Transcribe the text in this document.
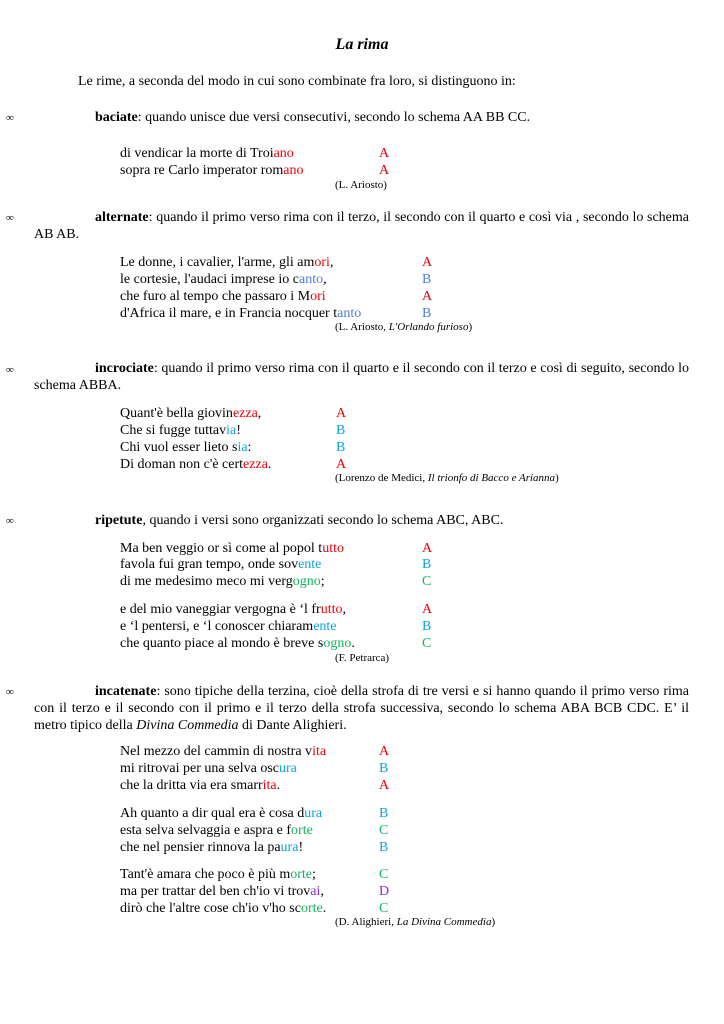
La rima

Le rime, a seconda del modo in cui sono combinate fra loro, si distinguono in:

∞	baciate: quando unisce due versi consecutivi, secondo lo schema AA BB CC.

di vendicar la morte di Troiano	A
sopra re Carlo imperator romano	A
(L. Ariosto)
∞	alternate: quando il primo verso rima con il terzo, il secondo con il quarto e così via , secondo lo schema AB AB.

Le donne, i cavalier, l'arme, gli amori,	A
le cortesie, l'audaci imprese io canto,	B
che furo al tempo che passaro i Mori	A
d'Africa il mare, e in Francia nocquer tanto	B
(L. Ariosto, L'Orlando furioso)
∞	incrociate: quando il primo verso rima con il quarto e il secondo con il terzo e così di seguito, secondo lo schema ABBA.

Quant'è bella giovinezza,	A
Che si fugge tuttavia!	B
Chi vuol esser lieto sia:	B
Di doman non c'è certezza.	A
(Lorenzo de Medici, Il trionfo di Bacco e Arianna)
∞	ripetute, quando i versi sono organizzati secondo lo schema ABC, ABC.

Ma ben veggio or sì come al popol tutto	A
favola fui gran tempo, onde sovente	B
di me medesimo meco mi vergogno;	C
e del mio vaneggiar vergogna è ‘l frutto,	A
e ‘l pentersi, e ‘l conoscer chiaramente	B
che quanto piace al mondo è breve sogno.	C
(F. Petrarca)
∞	incatenate: sono tipiche della terzina, cioè della strofa di tre versi e si hanno quando il primo verso rima con il terzo e il secondo con il primo e il terzo della strofa successiva, secondo lo schema ABA BCB CDC. E’ il metro tipico della Divina Commedia di Dante Alighieri.

Nel mezzo del cammin di nostra vita	A
mi ritrovai per una selva oscura	B
che la dritta via era smarrita.	A
Ah quanto a dir qual era è cosa dura	B
esta selva selvaggia e aspra e forte	C
che nel pensier rinnova la paura!	B
Tant'è amara che poco è più morte;	C
ma per trattar del ben ch'io vi trovai,	D
dirò che l'altre cose ch'io v'ho scorte.	C
(D. Alighieri, La Divina Commedia)
